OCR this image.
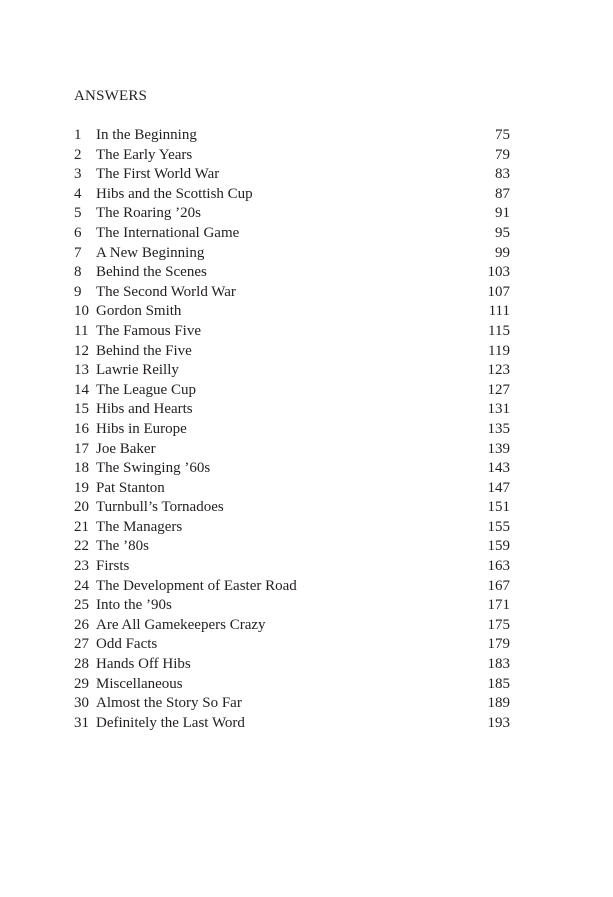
ANSWERS
1 In the Beginning	75
2 The Early Years	79
3 The First World War	83
4 Hibs and the Scottish Cup	87
5 The Roaring ’20s	91
6 The International Game	95
7 A New Beginning	99
8 Behind the Scenes	103
9 The Second World War	107
10 Gordon Smith	111
11 The Famous Five	115
12 Behind the Five	119
13 Lawrie Reilly	123
14 The League Cup	127
15 Hibs and Hearts	131
16 Hibs in Europe	135
17 Joe Baker	139
18 The Swinging ’60s	143
19 Pat Stanton	147
20 Turnbull’s Tornadoes	151
21 The Managers	155
22 The ’80s	159
23 Firsts	163
24 The Development of Easter Road	167
25 Into the ’90s	171
26 Are All Gamekeepers Crazy	175
27 Odd Facts	179
28 Hands Off Hibs	183
29 Miscellaneous	185
30 Almost the Story So Far	189
31 Definitely the Last Word	193
